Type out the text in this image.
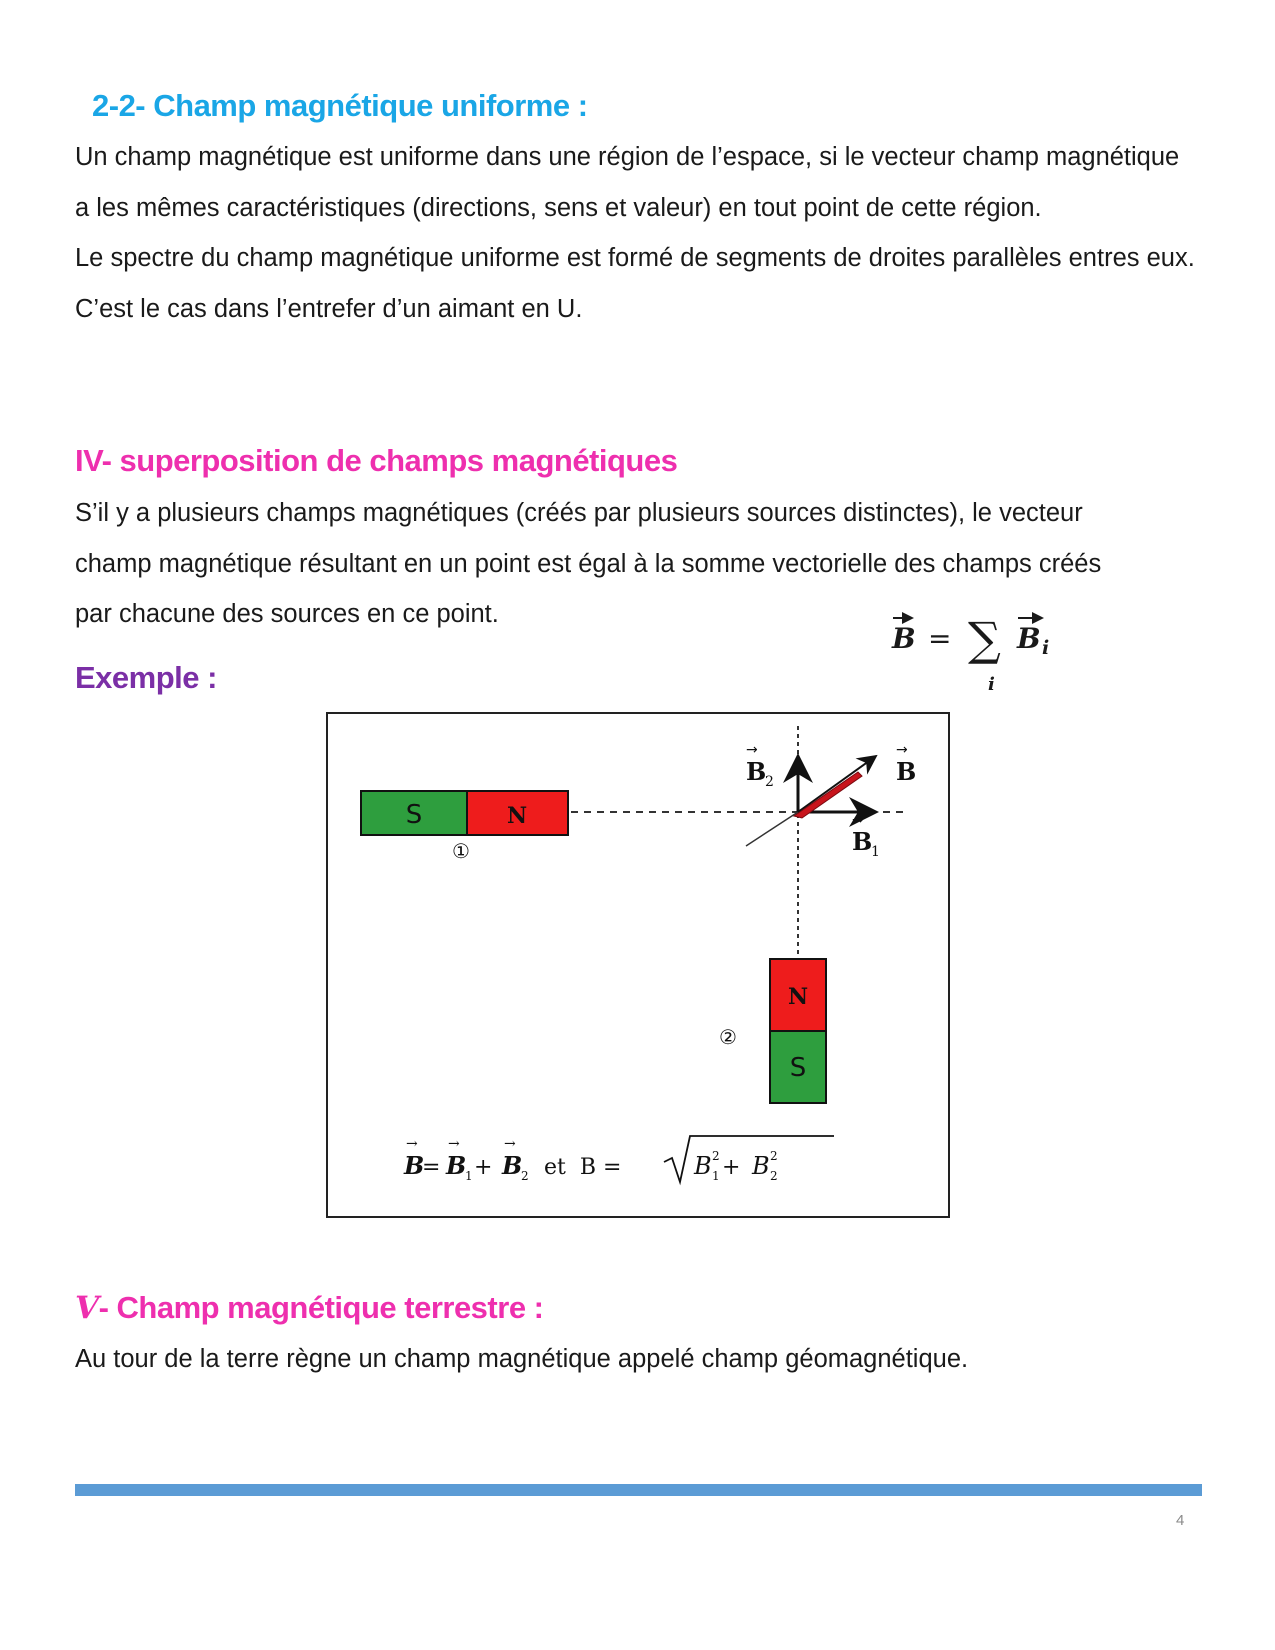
2-2- Champ magnétique uniforme :

Un champ magnétique est uniforme dans une région de l’espace, si le vecteur champ magnétique a les mêmes caractéristiques (directions, sens et valeur) en tout point de cette région.

Le spectre du champ magnétique uniforme est formé de segments de droites parallèles entres eux. C’est le cas dans l’entrefer d’un aimant en U.

IV- superposition de champs magnétiques

S’il y a plusieurs champs magnétiques (créés par plusieurs sources distinctes), le vecteur champ magnétique résultant en un point est égal à la somme vectorielle des champs créés par chacune des sources en ce point.

B = ∑
i
B i
Exemple :
S	N
①
N
S
②
B
2
→
B
→
B
1
→
B
→
= B
→
1 + B
→
2 et  B =	B 2
1 + B 2
2
V- Champ magnétique terrestre :

Au tour de la terre règne un champ magnétique appelé champ géomagnétique.

4
